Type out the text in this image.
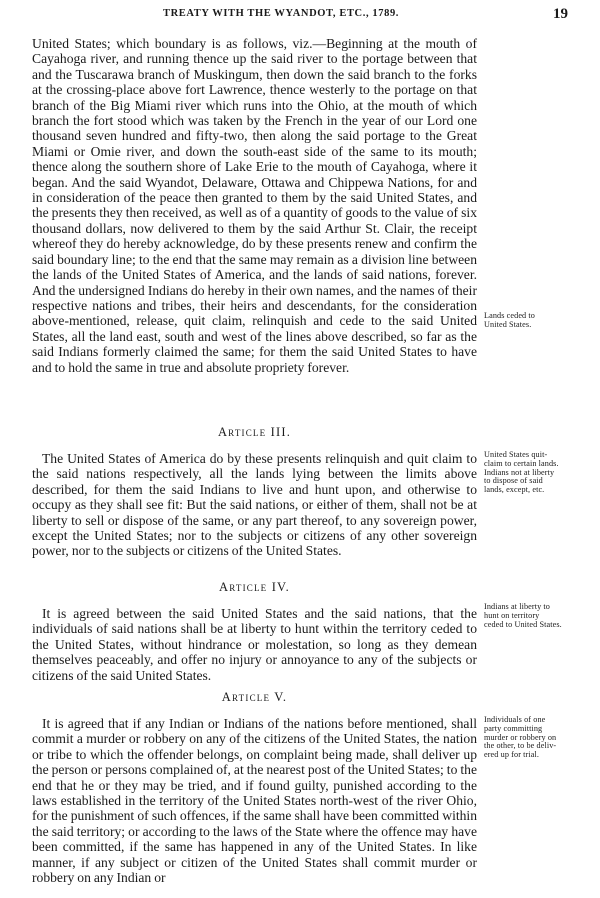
TREATY WITH THE WYANDOT, ETC., 1789.	19

United States; which boundary is as follows, viz.—Beginning at the mouth of Cayahoga river, and running thence up the said river to the portage between that and the Tuscarawa branch of Muskingum, then down the said branch to the forks at the crossing-place above fort Lawrence, thence westerly to the portage on that branch of the Big Miami river which runs into the Ohio, at the mouth of which branch the fort stood which was taken by the French in the year of our Lord one thousand seven hundred and fifty-two, then along the said portage to the Great Miami or Omie river, and down the south-east side of the same to its mouth; thence along the southern shore of Lake Erie to the mouth of Cayahoga, where it began. And the said Wyandot, Delaware, Ottawa and Chippewa Nations, for and in consideration of the peace then granted to them by the said United States, and the presents they then received, as well as of a quantity of goods to the value of six thousand dollars, now delivered to them by the said Arthur St. Clair, the receipt whereof they do hereby acknowledge, do by these presents renew and confirm the said boundary line; to the end that the same may remain as a division line between the lands of the United States of America, and the lands of said nations, forever. And the undersigned Indians do hereby in their own names, and the names of their respective nations and tribes, their heirs and descendants, for the consideration above-mentioned, release, quit claim, relinquish and cede to the said United States, all the land east, south and west of the lines above described, so far as the said Indians formerly claimed the same; for them the said United States to have and to hold the same in true and absolute propriety forever.

Lands ceded to
United States.
Article III.

The United States of America do by these presents relinquish and quit claim to the said nations respectively, all the lands lying between the limits above described, for them the said Indians to live and hunt upon, and otherwise to occupy as they shall see fit: But the said nations, or either of them, shall not be at liberty to sell or dispose of the same, or any part thereof, to any sovereign power, except the United States; nor to the subjects or citizens of any other sovereign power, nor to the subjects or citizens of the United States.

United States quit-
claim to certain lands.
Indians not at liberty
to dispose of said
lands, except, etc.
Article IV.

It is agreed between the said United States and the said nations, that the individuals of said nations shall be at liberty to hunt within the territory ceded to the United States, without hindrance or molestation, so long as they demean themselves peaceably, and offer no injury or annoyance to any of the subjects or citizens of the said United States.

Indians at liberty to
hunt on territory
ceded to United States.
Article V.

It is agreed that if any Indian or Indians of the nations before mentioned, shall commit a murder or robbery on any of the citizens of the United States, the nation or tribe to which the offender belongs, on complaint being made, shall deliver up the person or persons complained of, at the nearest post of the United States; to the end that he or they may be tried, and if found guilty, punished according to the laws established in the territory of the United States north-west of the river Ohio, for the punishment of such offences, if the same shall have been committed within the said territory; or according to the laws of the State where the offence may have been committed, if the same has happened in any of the United States. In like manner, if any subject or citizen of the United States shall commit murder or robbery on any Indian or

Individuals of one
party committing
murder or robbery on
the other, to be deliv-
ered up for trial.
